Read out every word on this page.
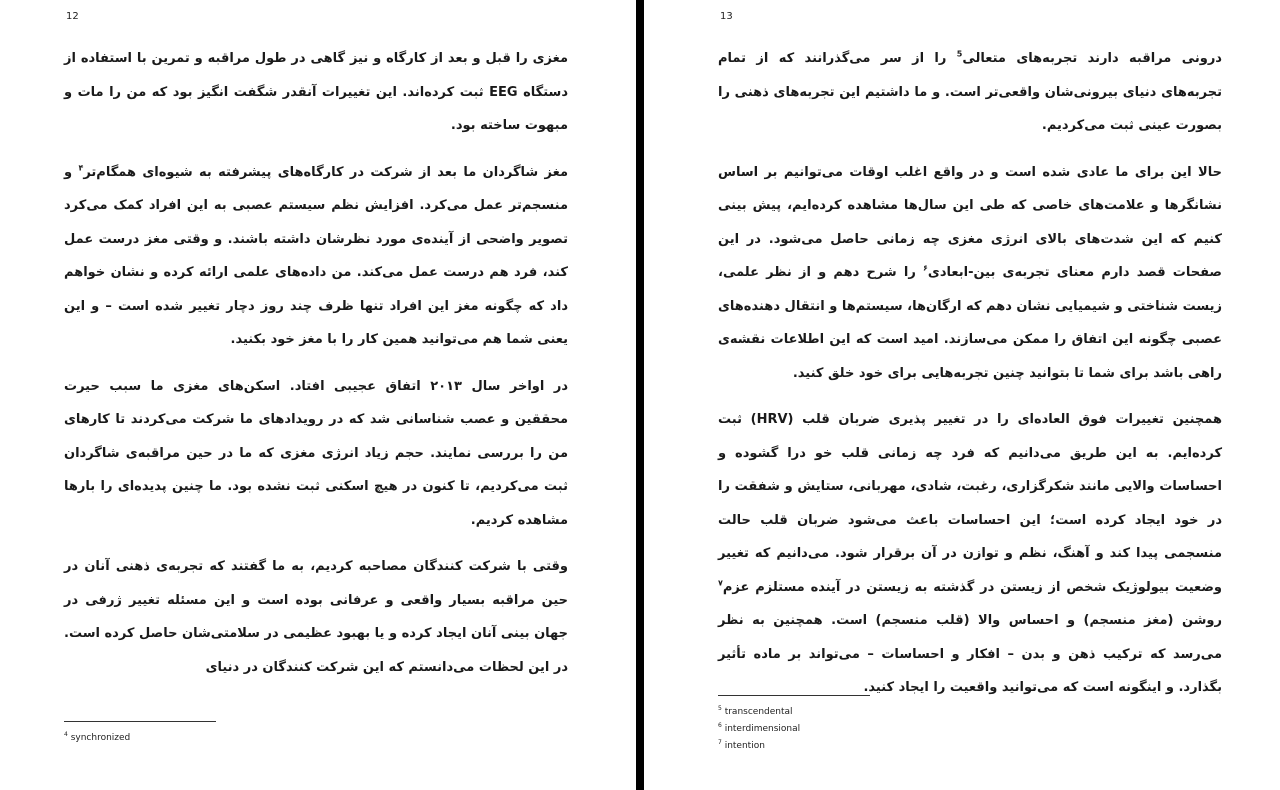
12

مغزی را قبل و بعد از کارگاه و نیز گاهی در طول مراقبه و تمرین با استفاده از دستگاه EEG ثبت کرده‌اند. این تغییرات آنقدر شگفت انگیز بود که من را مات و مبهوت ساخته بود.

مغز شاگردان ما بعد از شرکت در کارگاه‌های پیشرفته به شیوه‌ای همگام‌تر$^۴$ و منسجم‌تر عمل می‌کرد. افزایش نظم سیستم عصبی به این افراد کمک می‌کرد تصویر واضحی از آینده‌ی مورد نظرشان داشته باشند. و وقتی مغز درست عمل کند، فرد هم درست عمل می‌کند. من داده‌های علمی ارائه کرده و نشان خواهم داد که چگونه مغز این افراد تنها ظرف چند روز دچار تغییر شده است – و این یعنی شما هم می‌توانید همین کار را با مغز خود بکنید.

در اواخر سال ۲۰۱۳ اتفاق عجیبی افتاد. اسکن‌های مغزی ما سبب حیرت محققین و عصب شناسانی شد که در رویدادهای ما شرکت می‌کردند تا کارهای من را بررسی نمایند. حجم زیاد انرژی مغزی که ما در حین مراقبه‌ی شاگردان ثبت می‌کردیم، تا کنون در هیچ اسکنی ثبت نشده بود. ما چنین پدیده‌ای را بارها مشاهده کردیم.

وقتی با شرکت کنندگان مصاحبه کردیم، به ما گفتند که تجربه‌ی ذهنی آنان در حین مراقبه بسیار واقعی و عرفانی بوده است و این مسئله تغییر ژرفی در جهان بینی آنان ایجاد کرده و یا بهبود عظیمی در سلامتی‌شان حاصل کرده است. در این لحظات می‌دانستم که این شرکت کنندگان در دنیای

$^4$ synchronized
13

درونی مراقبه دارند تجربه‌های متعالی$^5$ را از سر می‌گذرانند که از تمام تجربه‌های دنیای بیرونی‌شان واقعی‌تر است. و ما داشتیم این تجربه‌های ذهنی را بصورت عینی ثبت می‌کردیم.

حالا این برای ما عادی شده است و در واقع اغلب اوقات می‌توانیم بر اساس نشانگرها و علامت‌های خاصی که طی این سال‌ها مشاهده کرده‌ایم، پیش بینی کنیم که این شدت‌های بالای انرژی مغزی چه زمانی حاصل می‌شود. در این صفحات قصد دارم معنای تجربه‌ی بین-ابعادی$^۶$ را شرح دهم و از نظر علمی، زیست شناختی و شیمیایی نشان دهم که ارگان‌ها، سیستم‌ها و انتقال دهنده‌های عصبی چگونه این اتفاق را ممکن می‌سازند. امید است که این اطلاعات نقشه‌ی راهی باشد برای شما تا بتوانید چنین تجربه‌هایی برای خود خلق کنید.

همچنین تغییرات فوق العاده‌ای را در تغییر پذیری ضربان قلب (HRV) ثبت کرده‌ایم. به این طریق می‌دانیم که فرد چه زمانی قلب خو درا گشوده و احساسات والایی مانند شکرگزاری، رغبت، شادی، مهربانی، ستایش و شفقت را در خود ایجاد کرده است؛ این احساسات باعث می‌شود ضربان قلب حالت منسجمی پیدا کند و آهنگ، نظم و توازن در آن برقرار شود. می‌دانیم که تغییر وضعیت بیولوژیک شخص از زیستن در گذشته به زیستن در آینده مستلزم عزم$^۷$ روشن (مغز منسجم) و احساس والا (قلب منسجم) است. همچنین به نظر می‌رسد که ترکیب ذهن و بدن – افکار و احساسات – می‌تواند بر ماده تأثیر بگذارد. و اینگونه است که می‌توانید واقعیت را ایجاد کنید.

$^5$ transcendental
$^6$ interdimensional
$^7$ intention
